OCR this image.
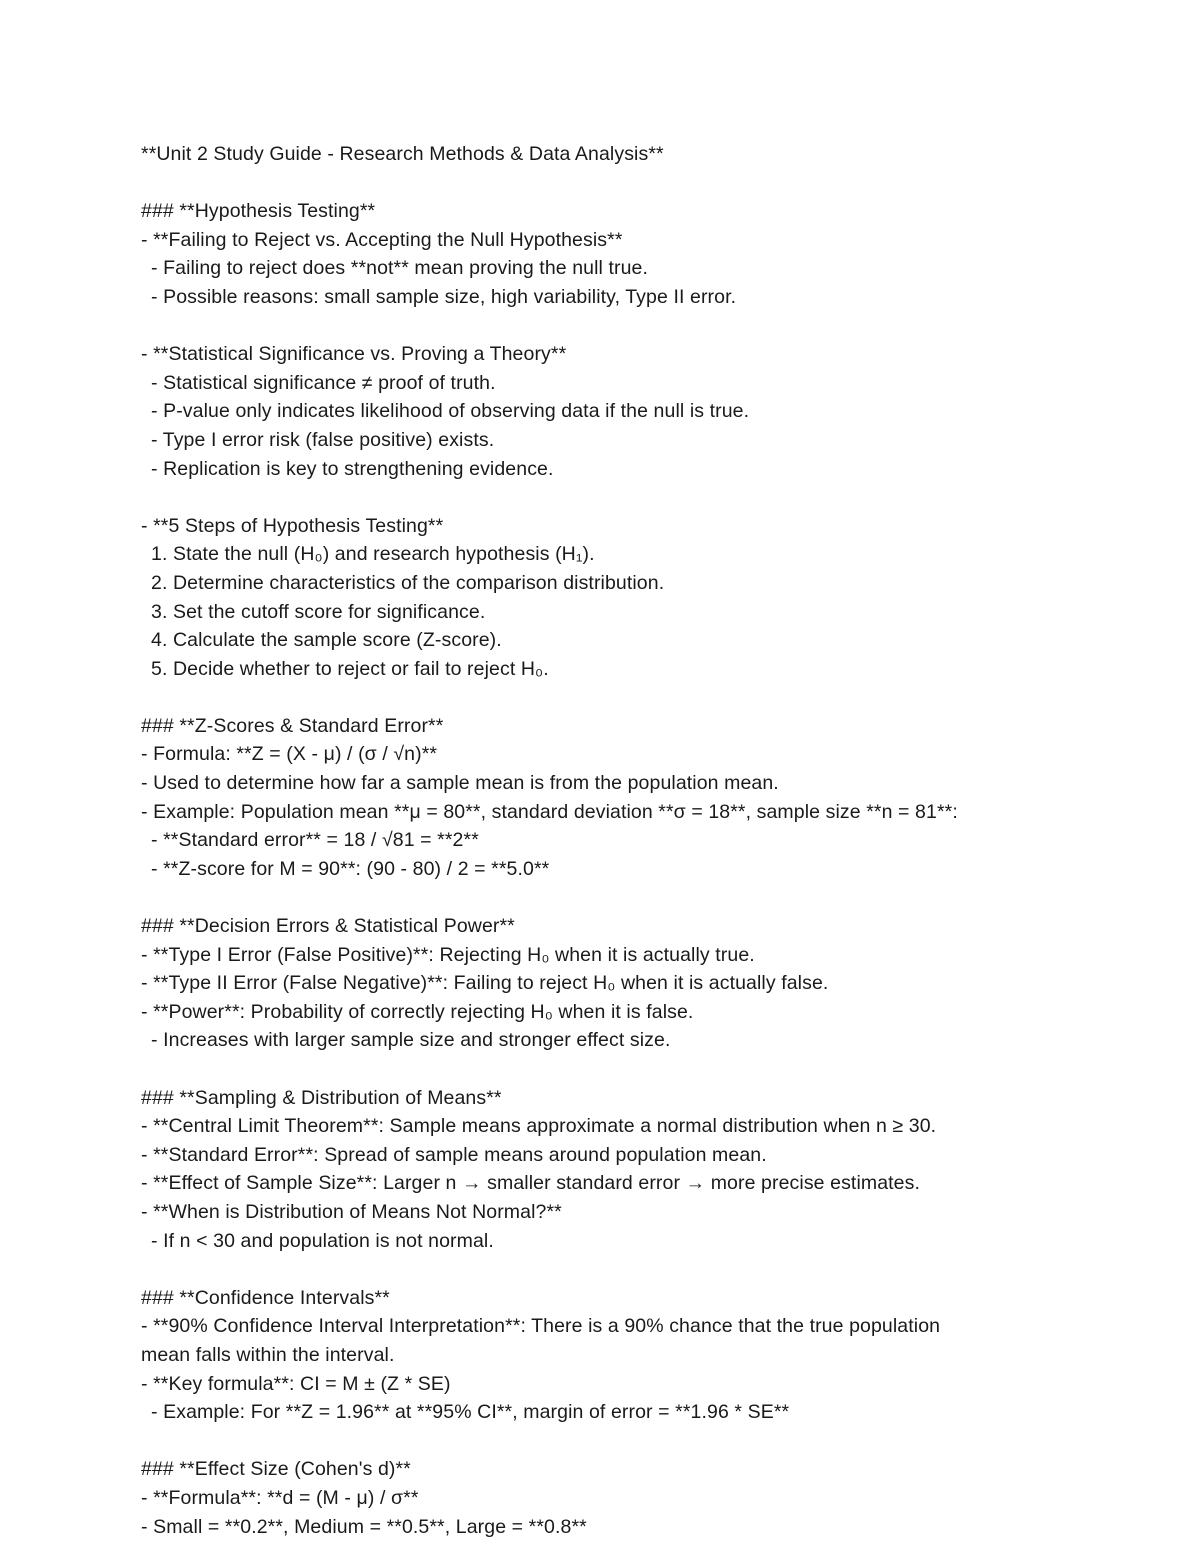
**Unit 2 Study Guide - Research Methods & Data Analysis**
### **Hypothesis Testing**
- **Failing to Reject vs. Accepting the Null Hypothesis**
- Failing to reject does **not** mean proving the null true.
- Possible reasons: small sample size, high variability, Type II error.
- **Statistical Significance vs. Proving a Theory**
- Statistical significance ≠ proof of truth.
- P-value only indicates likelihood of observing data if the null is true.
- Type I error risk (false positive) exists.
- Replication is key to strengthening evidence.
- **5 Steps of Hypothesis Testing**
1. State the null (H₀) and research hypothesis (H₁).
2. Determine characteristics of the comparison distribution.
3. Set the cutoff score for significance.
4. Calculate the sample score (Z-score).
5. Decide whether to reject or fail to reject H₀.
### **Z-Scores & Standard Error**
- Formula: **Z = (X - μ) / (σ / √n)**
- Used to determine how far a sample mean is from the population mean.
- Example: Population mean **μ = 80**, standard deviation **σ = 18**, sample size **n = 81**:
- **Standard error** = 18 / √81 = **2**
- **Z-score for M = 90**: (90 - 80) / 2 = **5.0**
### **Decision Errors & Statistical Power**
- **Type I Error (False Positive)**: Rejecting H₀ when it is actually true.
- **Type II Error (False Negative)**: Failing to reject H₀ when it is actually false.
- **Power**: Probability of correctly rejecting H₀ when it is false.
- Increases with larger sample size and stronger effect size.
### **Sampling & Distribution of Means**
- **Central Limit Theorem**: Sample means approximate a normal distribution when n ≥ 30.
- **Standard Error**: Spread of sample means around population mean.
- **Effect of Sample Size**: Larger n → smaller standard error → more precise estimates.
- **When is Distribution of Means Not Normal?**
- If n < 30 and population is not normal.
### **Confidence Intervals**
- **90% Confidence Interval Interpretation**: There is a 90% chance that the true population
mean falls within the interval.
- **Key formula**: CI = M ± (Z * SE)
- Example: For **Z = 1.96** at **95% CI**, margin of error = **1.96 * SE**
### **Effect Size (Cohen's d)**
- **Formula**: **d = (M - μ) / σ**
- Small = **0.2**, Medium = **0.5**, Large = **0.8**
